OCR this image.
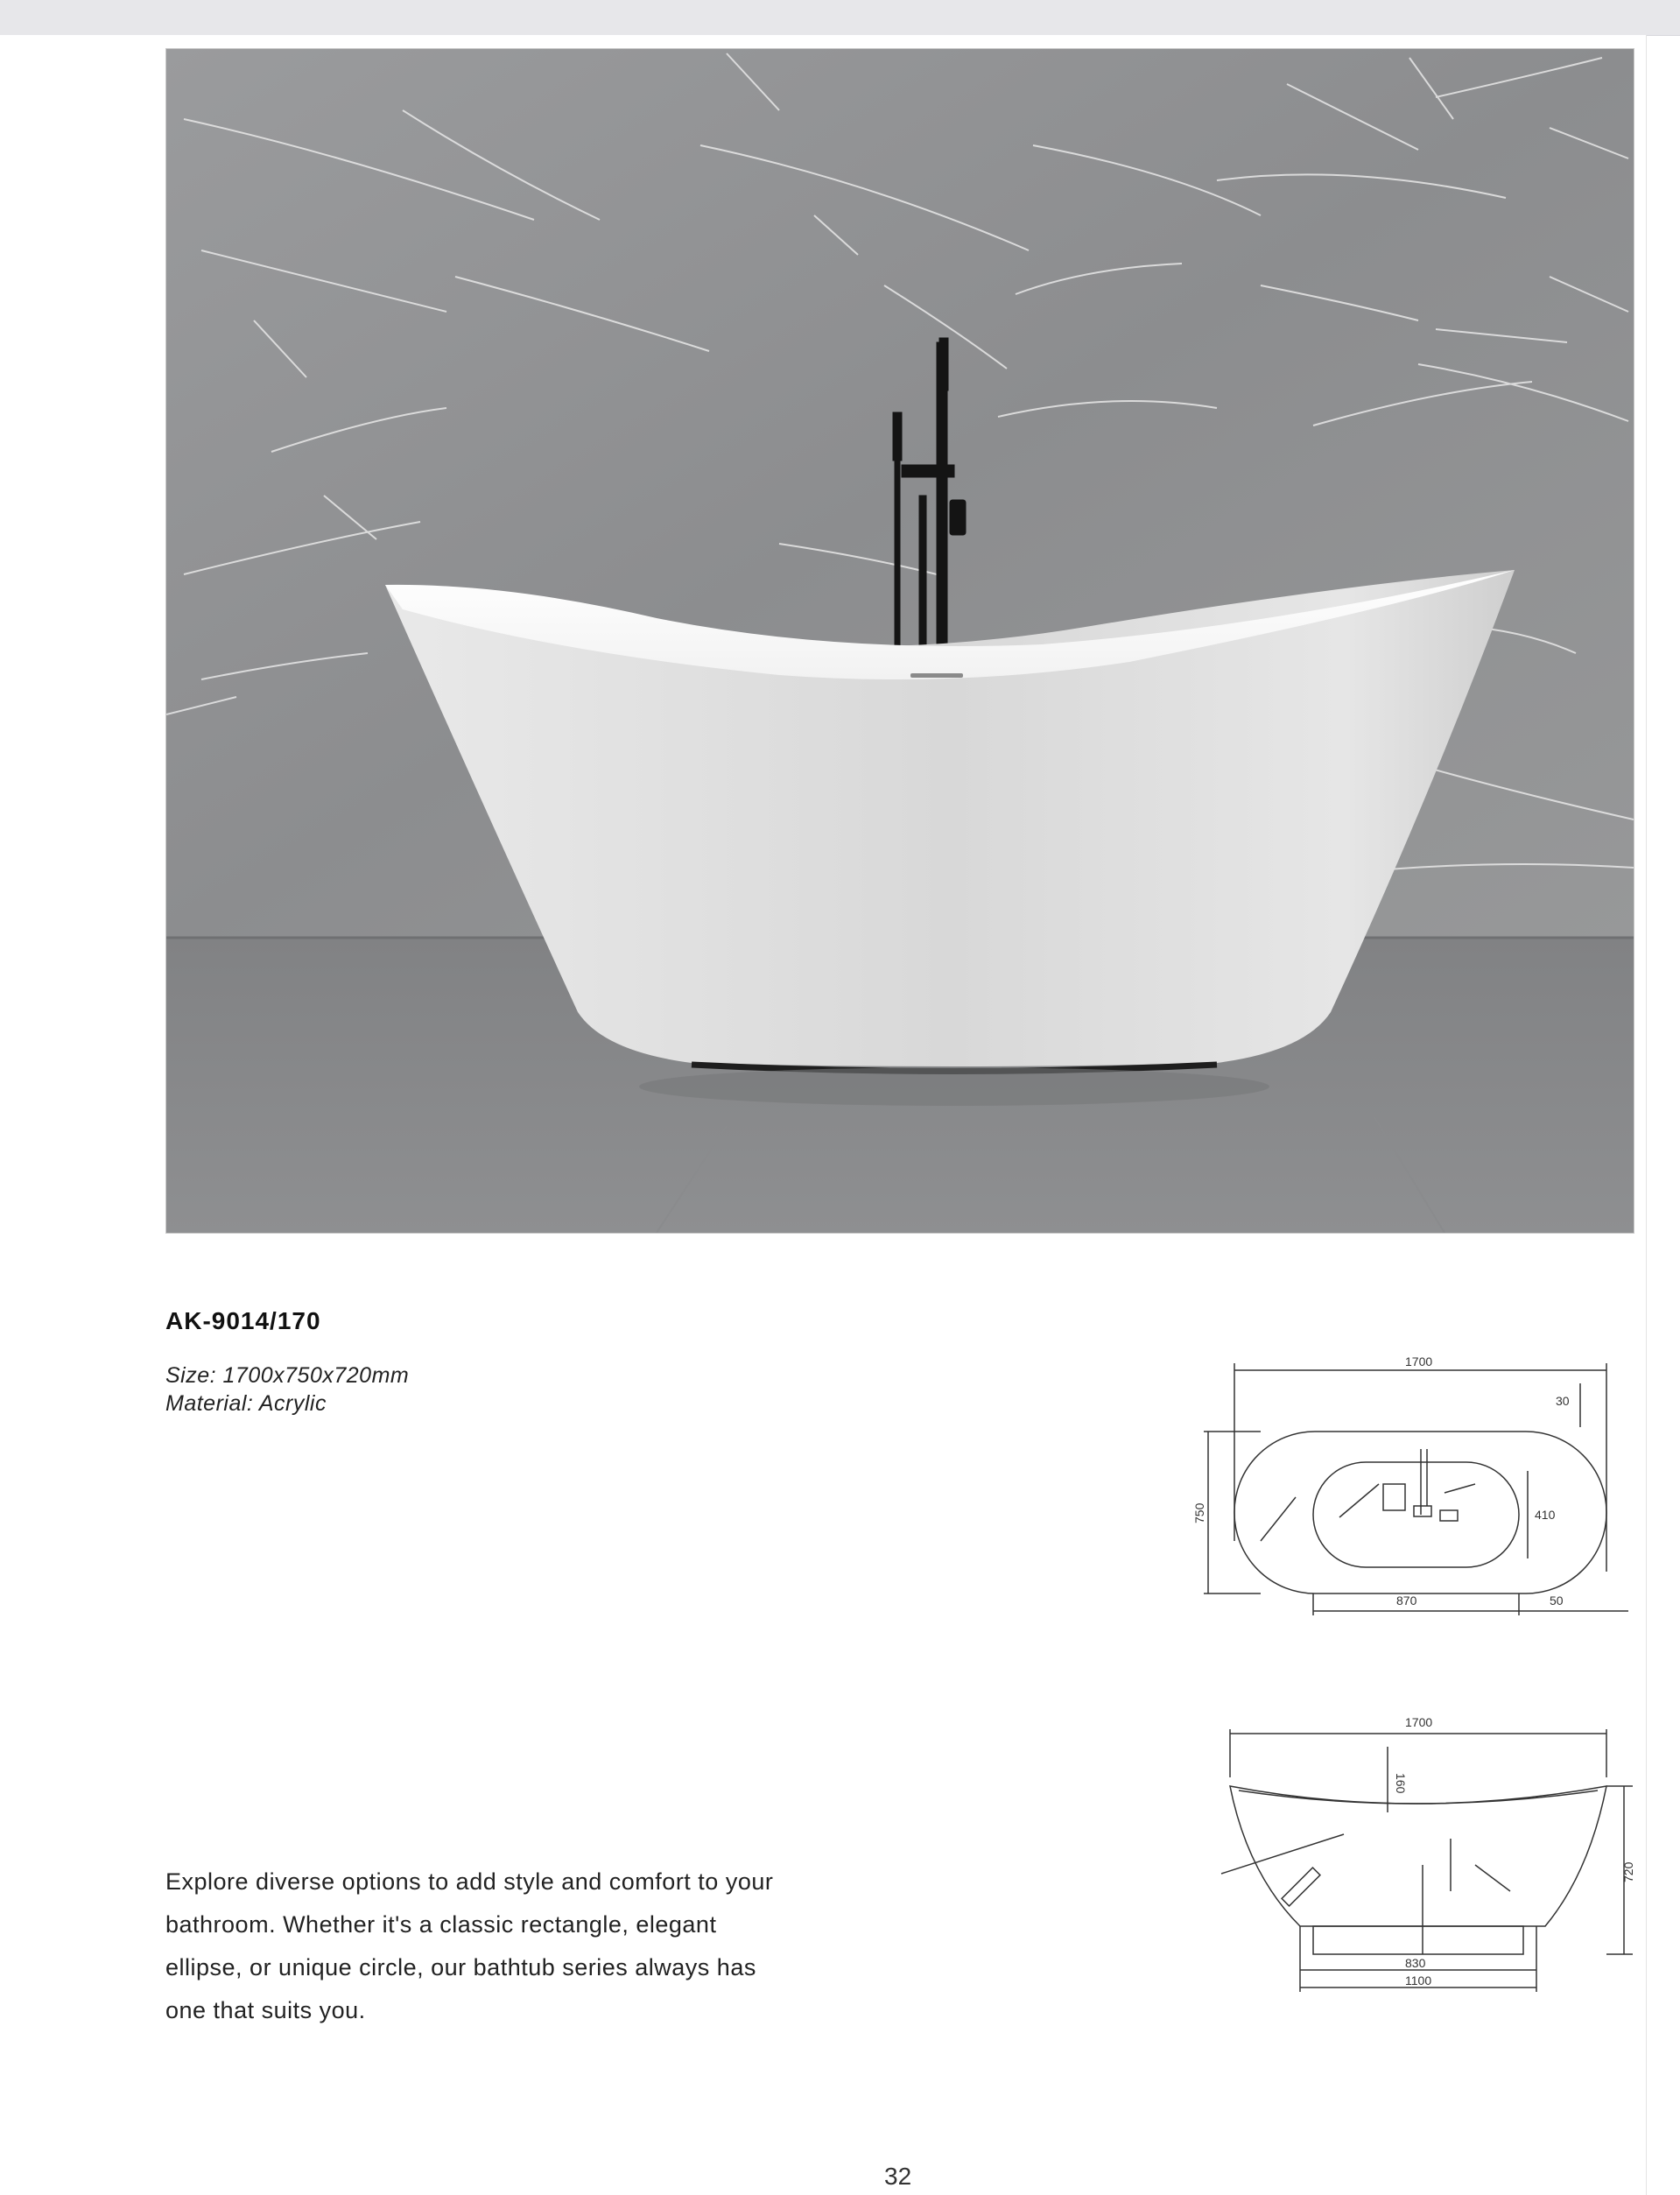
AK-9014/170
Size: 1700x750x720mm
Material: Acrylic
Explore diverse options to add style and comfort to your bathroom. Whether it's a classic rectangle, elegant ellipse, or unique circle, our bathtub series always has one that suits you.
1700
750
870
410
50
30
1700
720
830
1100
160
32
